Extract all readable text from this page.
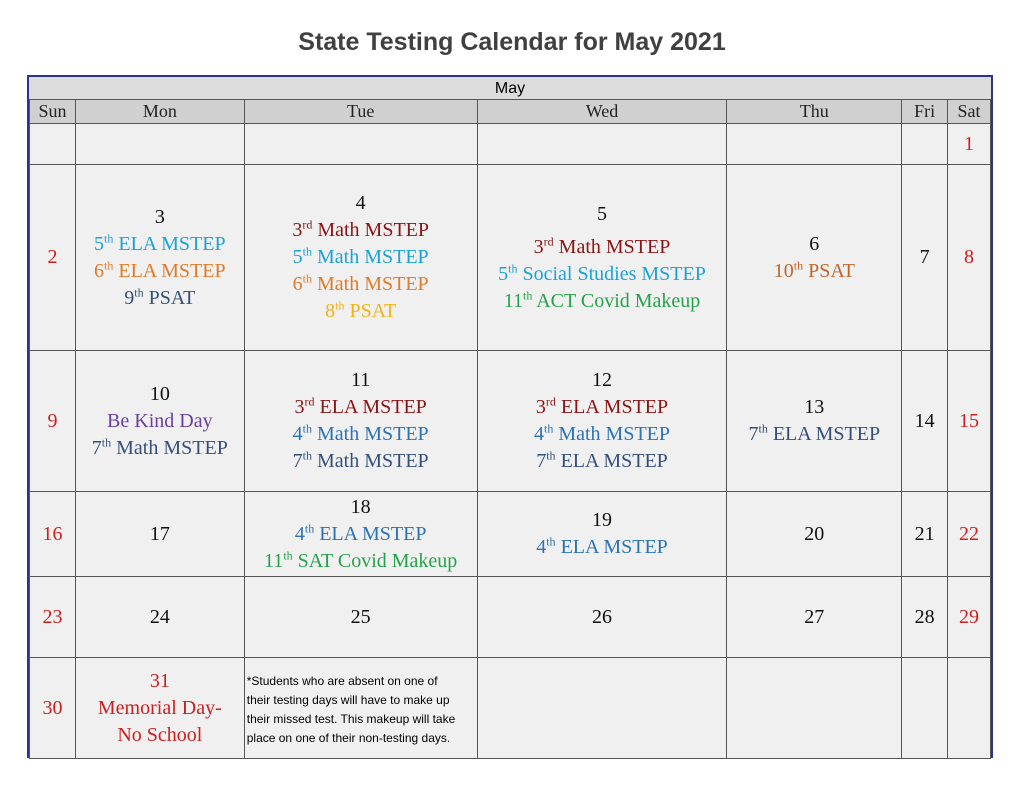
State Testing Calendar for May 2021
May
Sun	Mon	Tue	Wed	Thu	Fri	Sat

						1

2	3
5th ELA MSTEP
6th ELA MSTEP
9th PSAT	4
3rd Math MSTEP
5th Math MSTEP
6th Math MSTEP
8th PSAT	5
3rd Math MSTEP
5th Social Studies MSTEP
11th ACT Covid Makeup	6
10th PSAT	7	8

9	10
Be Kind Day
7th Math MSTEP	11
3rd ELA MSTEP
4th Math MSTEP
7th Math MSTEP	12
3rd ELA MSTEP
4th Math MSTEP
7th ELA MSTEP	13
7th ELA MSTEP	14	15

16	17	18
4th ELA MSTEP
11th SAT Covid Makeup	19
4th ELA MSTEP	20	21	22

23	24	25	26	27	28	29

30	31
Memorial Day-
No School	*Students who are absent on one of
their testing days will have to make up
their missed test. This makeup will take
place on one of their non-testing days.				
